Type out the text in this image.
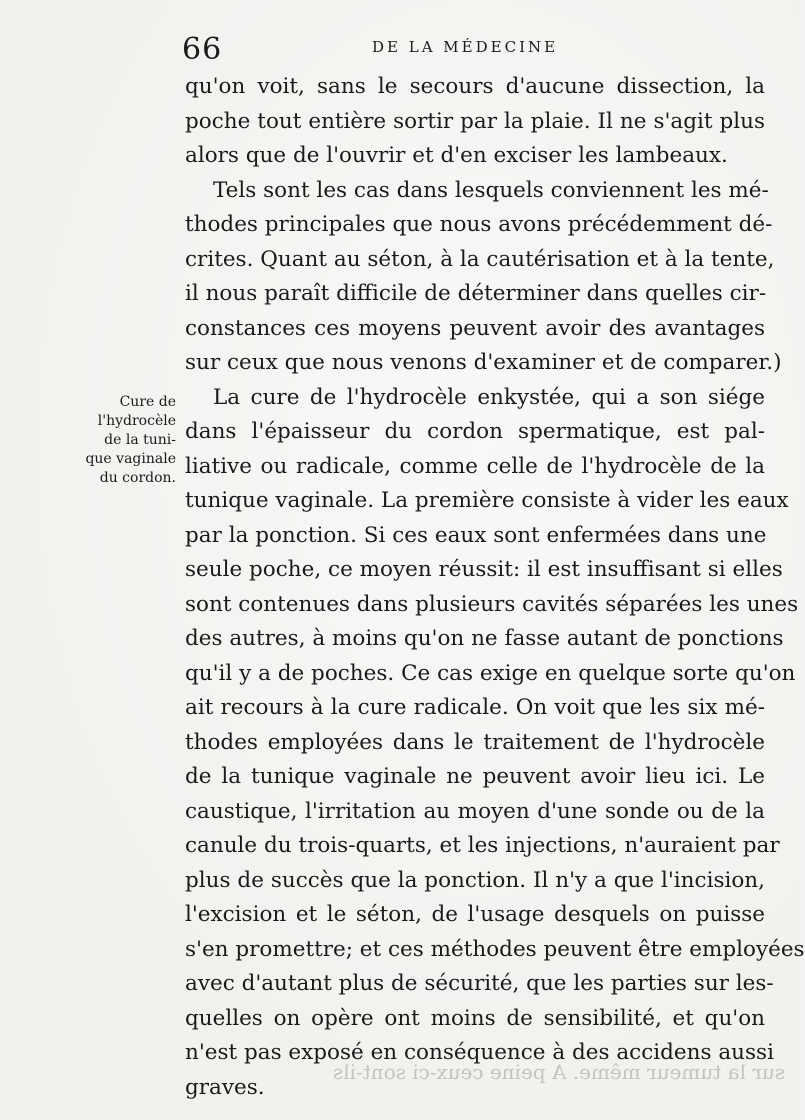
66	DE LA MÉDECINE
Cure de
l'hydrocèle
de la tuni-
que vaginale
du cordon.
qu'on voit, sans le secours d'aucune dissection, la
poche tout entière sortir par la plaie. Il ne s'agit plus
alors que de l'ouvrir et d'en exciser les lambeaux.
Tels sont les cas dans lesquels conviennent les mé-
thodes principales que nous avons précédemment dé-
crites. Quant au séton, à la cautérisation et à la tente,
il nous paraît difficile de déterminer dans quelles cir-
constances ces moyens peuvent avoir des avantages
sur ceux que nous venons d'examiner et de comparer.)
La cure de l'hydrocèle enkystée, qui a son siége
dans l'épaisseur du cordon spermatique, est pal-
liative ou radicale, comme celle de l'hydrocèle de la
tunique vaginale. La première consiste à vider les eaux
par la ponction. Si ces eaux sont enfermées dans une
seule poche, ce moyen réussit: il est insuffisant si elles
sont contenues dans plusieurs cavités séparées les unes
des autres, à moins qu'on ne fasse autant de ponctions
qu'il y a de poches. Ce cas exige en quelque sorte qu'on
ait recours à la cure radicale. On voit que les six mé-
thodes employées dans le traitement de l'hydrocèle
de la tunique vaginale ne peuvent avoir lieu ici. Le
caustique, l'irritation au moyen d'une sonde ou de la
canule du trois-quarts, et les injections, n'auraient par
plus de succès que la ponction. Il n'y a que l'incision,
l'excision et le séton, de l'usage desquels on puisse
s'en promettre; et ces méthodes peuvent être employées
avec d'autant plus de sécurité, que les parties sur les-
quelles on opère ont moins de sensibilité, et qu'on
n'est pas exposé en conséquence à des accidens aussi
graves.
sur la tumeur même. A peine ceux-ci sont-ils
